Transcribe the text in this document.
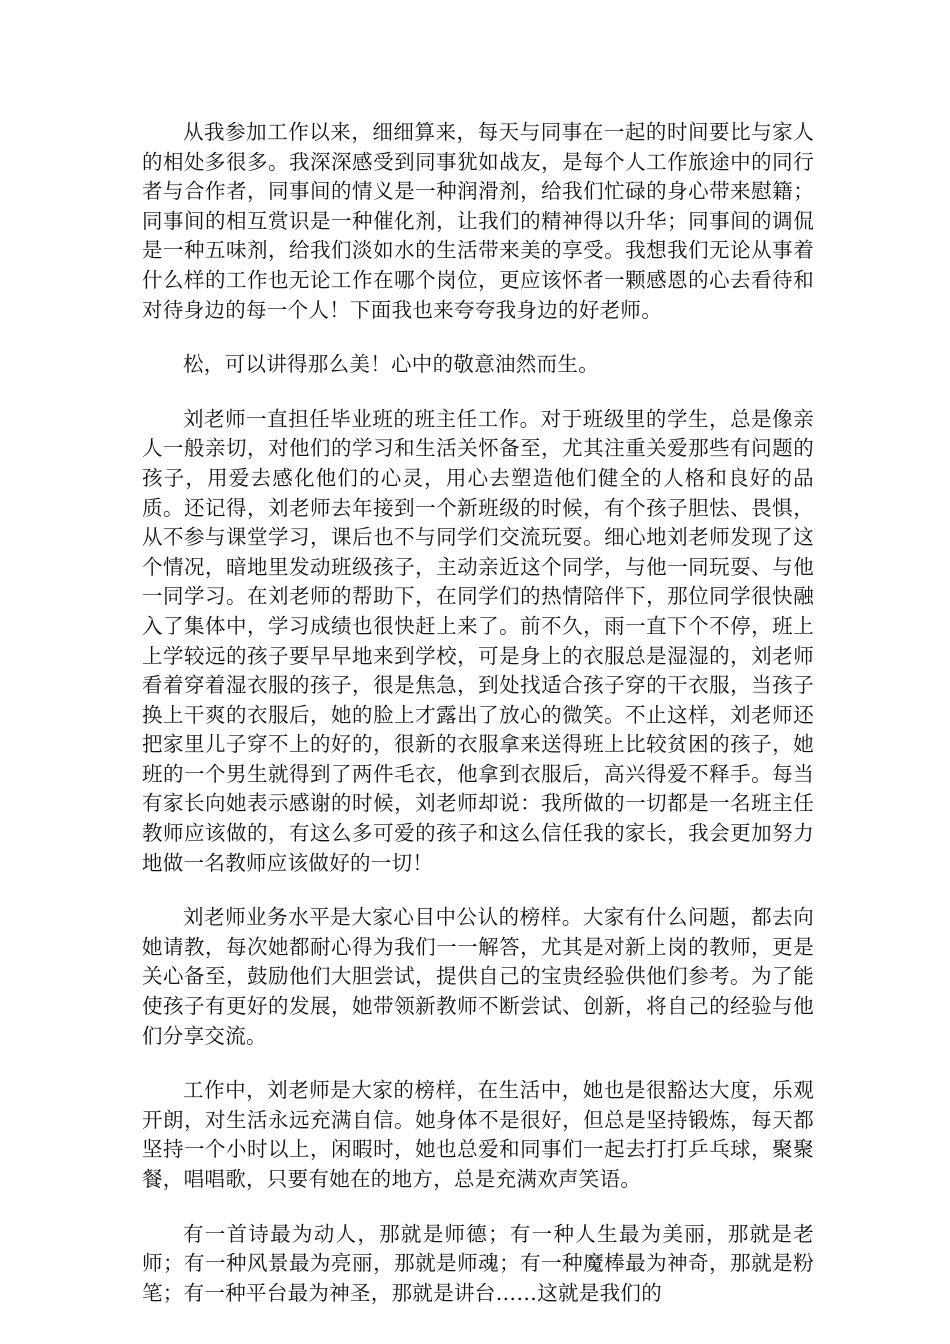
从我参加工作以来，细细算来，每天与同事在一起的时间要比与家人的相处多很多。我深深感受到同事犹如战友，是每个人工作旅途中的同行者与合作者，同事间的情义是一种润滑剂，给我们忙碌的身心带来慰籍；同事间的相互赏识是一种催化剂，让我们的精神得以升华；同事间的调侃是一种五味剂，给我们淡如水的生活带来美的享受。我想我们无论从事着什么样的工作也无论工作在哪个岗位，更应该怀者一颗感恩的心去看待和对待身边的每一个人！下面我也来夸夸我身边的好老师。

松，可以讲得那么美！心中的敬意油然而生。

刘老师一直担任毕业班的班主任工作。对于班级里的学生，总是像亲人一般亲切，对他们的学习和生活关怀备至，尤其注重关爱那些有问题的孩子，用爱去感化他们的心灵，用心去塑造他们健全的人格和良好的品质。还记得，刘老师去年接到一个新班级的时候，有个孩子胆怯、畏惧，从不参与课堂学习，课后也不与同学们交流玩耍。细心地刘老师发现了这个情况，暗地里发动班级孩子，主动亲近这个同学，与他一同玩耍、与他一同学习。在刘老师的帮助下，在同学们的热情陪伴下，那位同学很快融入了集体中，学习成绩也很快赶上来了。前不久，雨一直下个不停，班上上学较远的孩子要早早地来到学校，可是身上的衣服总是湿湿的，刘老师看着穿着湿衣服的孩子，很是焦急，到处找适合孩子穿的干衣服，当孩子换上干爽的衣服后，她的脸上才露出了放心的微笑。不止这样，刘老师还把家里儿子穿不上的好的，很新的衣服拿来送得班上比较贫困的孩子，她班的一个男生就得到了两件毛衣，他拿到衣服后，高兴得爱不释手。每当有家长向她表示感谢的时候，刘老师却说：我所做的一切都是一名班主任教师应该做的，有这么多可爱的孩子和这么信任我的家长，我会更加努力地做一名教师应该做好的一切！

刘老师业务水平是大家心目中公认的榜样。大家有什么问题，都去向她请教，每次她都耐心得为我们一一解答，尤其是对新上岗的教师，更是关心备至，鼓励他们大胆尝试，提供自己的宝贵经验供他们参考。为了能使孩子有更好的发展，她带领新教师不断尝试、创新，将自己的经验与他们分享交流。

工作中，刘老师是大家的榜样，在生活中，她也是很豁达大度，乐观开朗，对生活永远充满自信。她身体不是很好，但总是坚持锻炼，每天都坚持一个小时以上，闲暇时，她也总爱和同事们一起去打打乒乓球，聚聚餐，唱唱歌，只要有她在的地方，总是充满欢声笑语。

有一首诗最为动人，那就是师德；有一种人生最为美丽，那就是老师；有一种风景最为亮丽，那就是师魂；有一种魔棒最为神奇，那就是粉笔；有一种平台最为神圣，那就是讲台……这就是我们的
